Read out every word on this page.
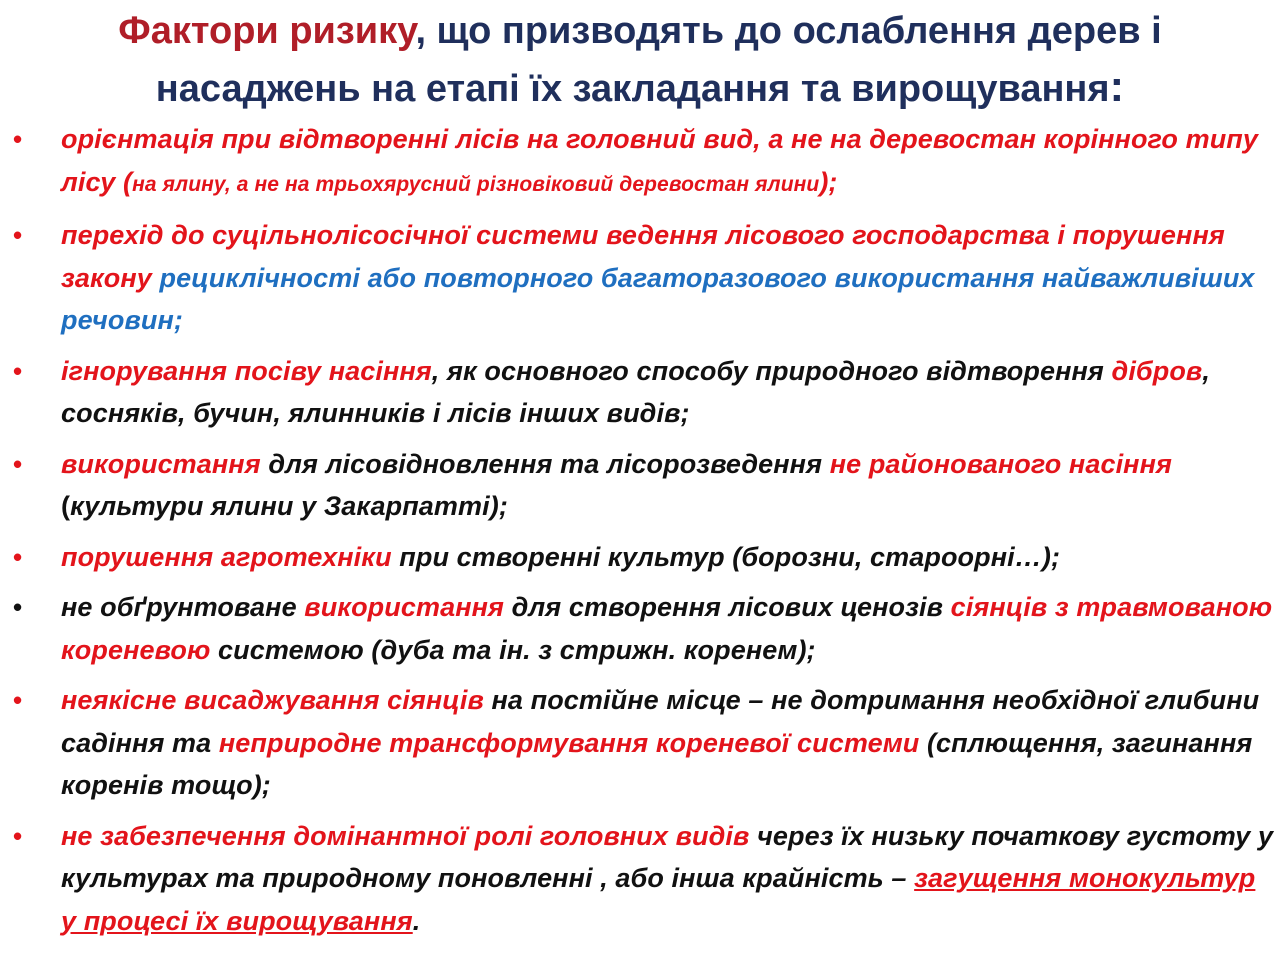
Фактори ризику, що призводять до ослаблення дерев і
насаджень на етапі їх закладання та вирощування:
• орієнтація при відтворенні лісів на головний вид, а не на деревостан корінного типу лісу (на ялину, а не на трьохярусний різновіковий деревостан ялини);
• перехід до суцільнолісосічної системи ведення лісового господарства і порушення закону рециклічності або повторного багаторазового використання найважливіших речовин;
• ігнорування посіву насіння, як основного способу природного відтворення дібров, сосняків, бучин, ялинників і лісів інших видів;
• використання для лісовідновлення та лісорозведення не районованого насіння (культури ялини у Закарпатті);
• порушення агротехніки при створенні культур (борозни, староорні…);
• не обґрунтоване використання для створення лісових ценозів сіянців з травмованою кореневою системою (дуба та ін. з стрижн. коренем);
• неякісне висаджування сіянців на постійне місце – не дотримання необхідної глибини садіння та неприродне трансформування кореневої системи (сплющення, загинання коренів тощо);
• не забезпечення домінантної ролі головних видів через їх низьку початкову густоту у культурах та природному поновленні , або інша крайність – загущення монокультур у процесі їх вирощування.
